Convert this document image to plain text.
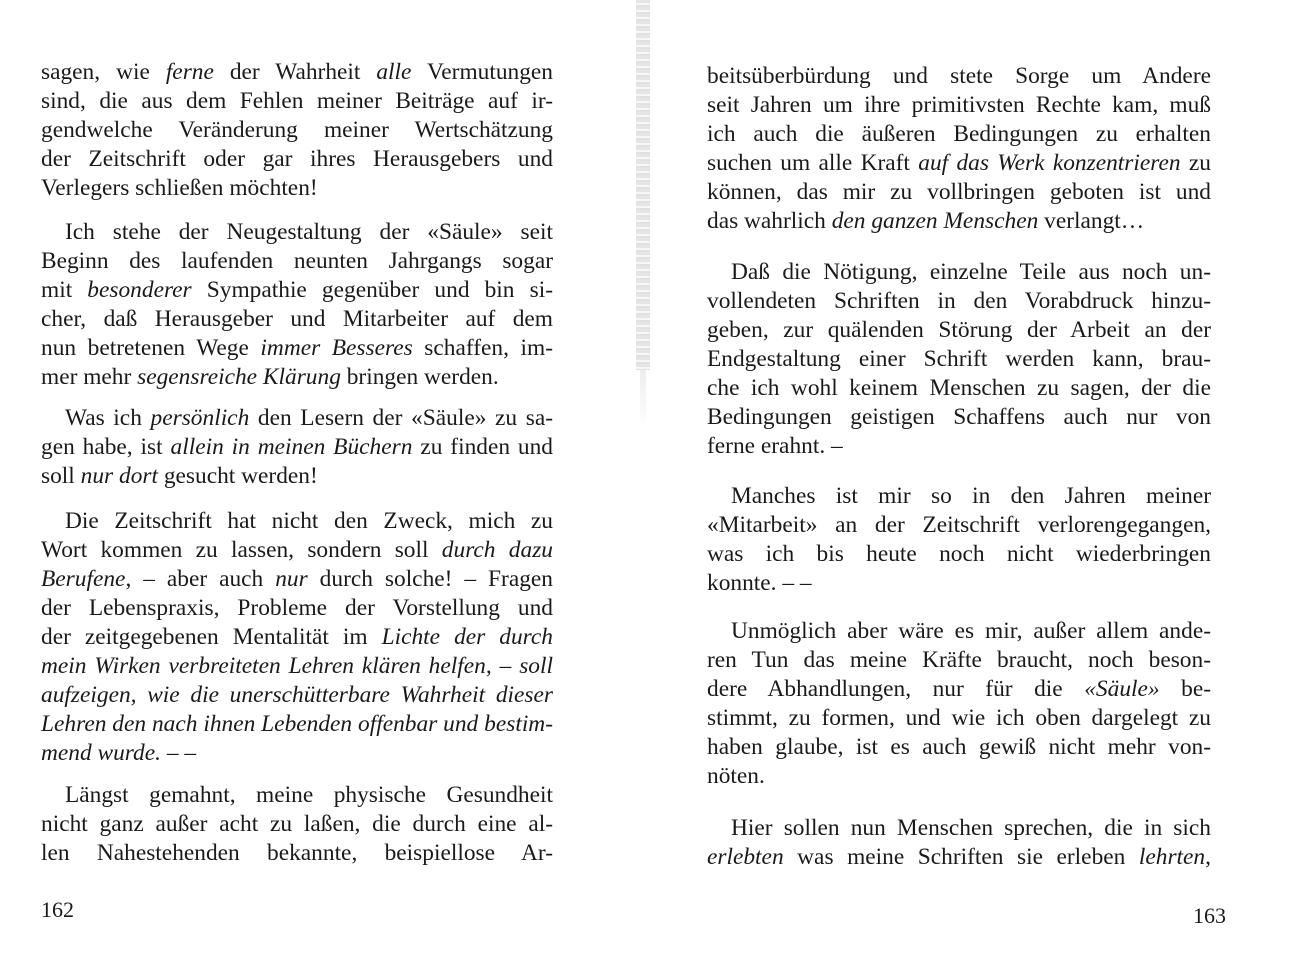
sagen, wie ferne der Wahrheit alle Vermutungen
sind, die aus dem Fehlen meiner Beiträge auf ir-
gendwelche Veränderung meiner Wertschätzung
der Zeitschrift oder gar ihres Herausgebers und
Verlegers schließen möchten!
Ich stehe der Neugestaltung der «Säule» seit
Beginn des laufenden neunten Jahrgangs sogar
mit besonderer Sympathie gegenüber und bin si-
cher, daß Herausgeber und Mitarbeiter auf dem
nun betretenen Wege immer Besseres schaffen, im-
mer mehr segensreiche Klärung bringen werden.
Was ich persönlich den Lesern der «Säule» zu sa-
gen habe, ist allein in meinen Büchern zu finden und
soll nur dort gesucht werden!
Die Zeitschrift hat nicht den Zweck, mich zu
Wort kommen zu lassen, sondern soll durch dazu
Berufene, – aber auch nur durch solche! – Fragen
der Lebenspraxis, Probleme der Vorstellung und
der zeitgegebenen Mentalität im Lichte der durch
mein Wirken verbreiteten Lehren klären helfen, – soll
aufzeigen, wie die unerschütterbare Wahrheit dieser
Lehren den nach ihnen Lebenden offenbar und bestim-
mend wurde. – –
Längst gemahnt, meine physische Gesundheit
nicht ganz außer acht zu laßen, die durch eine al-
len Nahestehenden bekannte, beispiellose Ar-
beitsüberbürdung und stete Sorge um Andere
seit Jahren um ihre primitivsten Rechte kam, muß
ich auch die äußeren Bedingungen zu erhalten
suchen um alle Kraft auf das Werk konzentrieren zu
können, das mir zu vollbringen geboten ist und
das wahrlich den ganzen Menschen verlangt…
Daß die Nötigung, einzelne Teile aus noch un-
vollendeten Schriften in den Vorabdruck hinzu-
geben, zur quälenden Störung der Arbeit an der
Endgestaltung einer Schrift werden kann, brau-
che ich wohl keinem Menschen zu sagen, der die
Bedingungen geistigen Schaffens auch nur von
ferne erahnt. –
Manches ist mir so in den Jahren meiner
«Mitarbeit» an der Zeitschrift verlorengegangen,
was ich bis heute noch nicht wiederbringen
konnte. – –
Unmöglich aber wäre es mir, außer allem ande-
ren Tun das meine Kräfte braucht, noch beson-
dere Abhandlungen, nur für die «Säule» be-
stimmt, zu formen, und wie ich oben dargelegt zu
haben glaube, ist es auch gewiß nicht mehr von-
nöten.
Hier sollen nun Menschen sprechen, die in sich
erlebten was meine Schriften sie erleben lehrten,
162	163
